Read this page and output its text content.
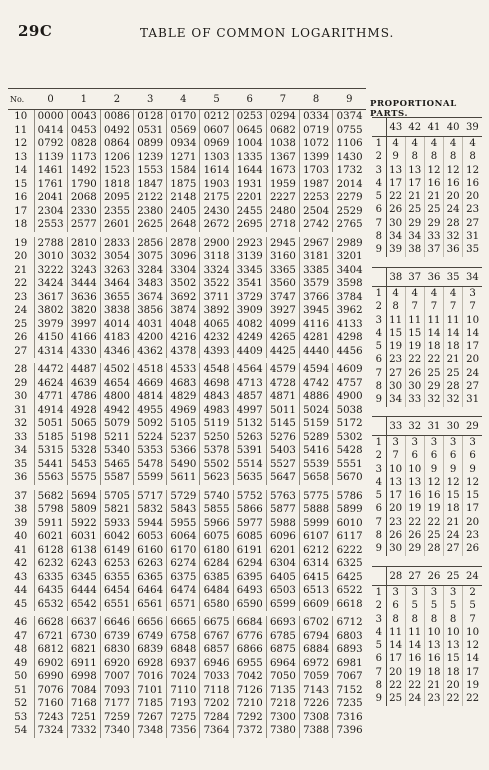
29C	TABLE OF COMMON LOGARITHMS.
No.	0	1	2	3	4	5	6	7	8	9
10	0000	0043	0086	0128	0170	0212	0253	0294	0334	0374
11	0414	0453	0492	0531	0569	0607	0645	0682	0719	0755
12	0792	0828	0864	0899	0934	0969	1004	1038	1072	1106
13	1139	1173	1206	1239	1271	1303	1335	1367	1399	1430
14	1461	1492	1523	1553	1584	1614	1644	1673	1703	1732
15	1761	1790	1818	1847	1875	1903	1931	1959	1987	2014
16	2041	2068	2095	2122	2148	2175	2201	2227	2253	2279
17	2304	2330	2355	2380	2405	2430	2455	2480	2504	2529
18	2553	2577	2601	2625	2648	2672	2695	2718	2742	2765
19	2788	2810	2833	2856	2878	2900	2923	2945	2967	2989
20	3010	3032	3054	3075	3096	3118	3139	3160	3181	3201
21	3222	3243	3263	3284	3304	3324	3345	3365	3385	3404
22	3424	3444	3464	3483	3502	3522	3541	3560	3579	3598
23	3617	3636	3655	3674	3692	3711	3729	3747	3766	3784
24	3802	3820	3838	3856	3874	3892	3909	3927	3945	3962
25	3979	3997	4014	4031	4048	4065	4082	4099	4116	4133
26	4150	4166	4183	4200	4216	4232	4249	4265	4281	4298
27	4314	4330	4346	4362	4378	4393	4409	4425	4440	4456
28	4472	4487	4502	4518	4533	4548	4564	4579	4594	4609
29	4624	4639	4654	4669	4683	4698	4713	4728	4742	4757
30	4771	4786	4800	4814	4829	4843	4857	4871	4886	4900
31	4914	4928	4942	4955	4969	4983	4997	5011	5024	5038
32	5051	5065	5079	5092	5105	5119	5132	5145	5159	5172
33	5185	5198	5211	5224	5237	5250	5263	5276	5289	5302
34	5315	5328	5340	5353	5366	5378	5391	5403	5416	5428
35	5441	5453	5465	5478	5490	5502	5514	5527	5539	5551
36	5563	5575	5587	5599	5611	5623	5635	5647	5658	5670
37	5682	5694	5705	5717	5729	5740	5752	5763	5775	5786
38	5798	5809	5821	5832	5843	5855	5866	5877	5888	5899
39	5911	5922	5933	5944	5955	5966	5977	5988	5999	6010
40	6021	6031	6042	6053	6064	6075	6085	6096	6107	6117
41	6128	6138	6149	6160	6170	6180	6191	6201	6212	6222
42	6232	6243	6253	6263	6274	6284	6294	6304	6314	6325
43	6335	6345	6355	6365	6375	6385	6395	6405	6415	6425
44	6435	6444	6454	6464	6474	6484	6493	6503	6513	6522
45	6532	6542	6551	6561	6571	6580	6590	6599	6609	6618
46	6628	6637	6646	6656	6665	6675	6684	6693	6702	6712
47	6721	6730	6739	6749	6758	6767	6776	6785	6794	6803
48	6812	6821	6830	6839	6848	6857	6866	6875	6884	6893
49	6902	6911	6920	6928	6937	6946	6955	6964	6972	6981
50	6990	6998	7007	7016	7024	7033	7042	7050	7059	7067
51	7076	7084	7093	7101	7110	7118	7126	7135	7143	7152
52	7160	7168	7177	7185	7193	7202	7210	7218	7226	7235
53	7243	7251	7259	7267	7275	7284	7292	7300	7308	7316
54	7324	7332	7340	7348	7356	7364	7372	7380	7388	7396
PROPORTIONAL PARTS.
	43	42	41	40	39
1	4	4	4	4	4
2	9	8	8	8	8
3	13	13	12	12	12
4	17	17	16	16	16
5	22	21	21	20	20
6	26	25	25	24	23
7	30	29	29	28	27
8	34	34	33	32	31
9	39	38	37	36	35
	38	37	36	35	34
1	4	4	4	4	3
2	8	7	7	7	7
3	11	11	11	11	10
4	15	15	14	14	14
5	19	19	18	18	17
6	23	22	22	21	20
7	27	26	25	25	24
8	30	30	29	28	27
9	34	33	32	32	31
	33	32	31	30	29
1	3	3	3	3	3
2	7	6	6	6	6
3	10	10	9	9	9
4	13	13	12	12	12
5	17	16	16	15	15
6	20	19	19	18	17
7	23	22	22	21	20
8	26	26	25	24	23
9	30	29	28	27	26
	28	27	26	25	24
1	3	3	3	3	2
2	6	5	5	5	5
3	8	8	8	8	7
4	11	11	10	10	10
5	14	14	13	13	12
6	17	16	16	15	14
7	20	19	18	18	17
8	22	22	21	20	19
9	25	24	23	22	22
